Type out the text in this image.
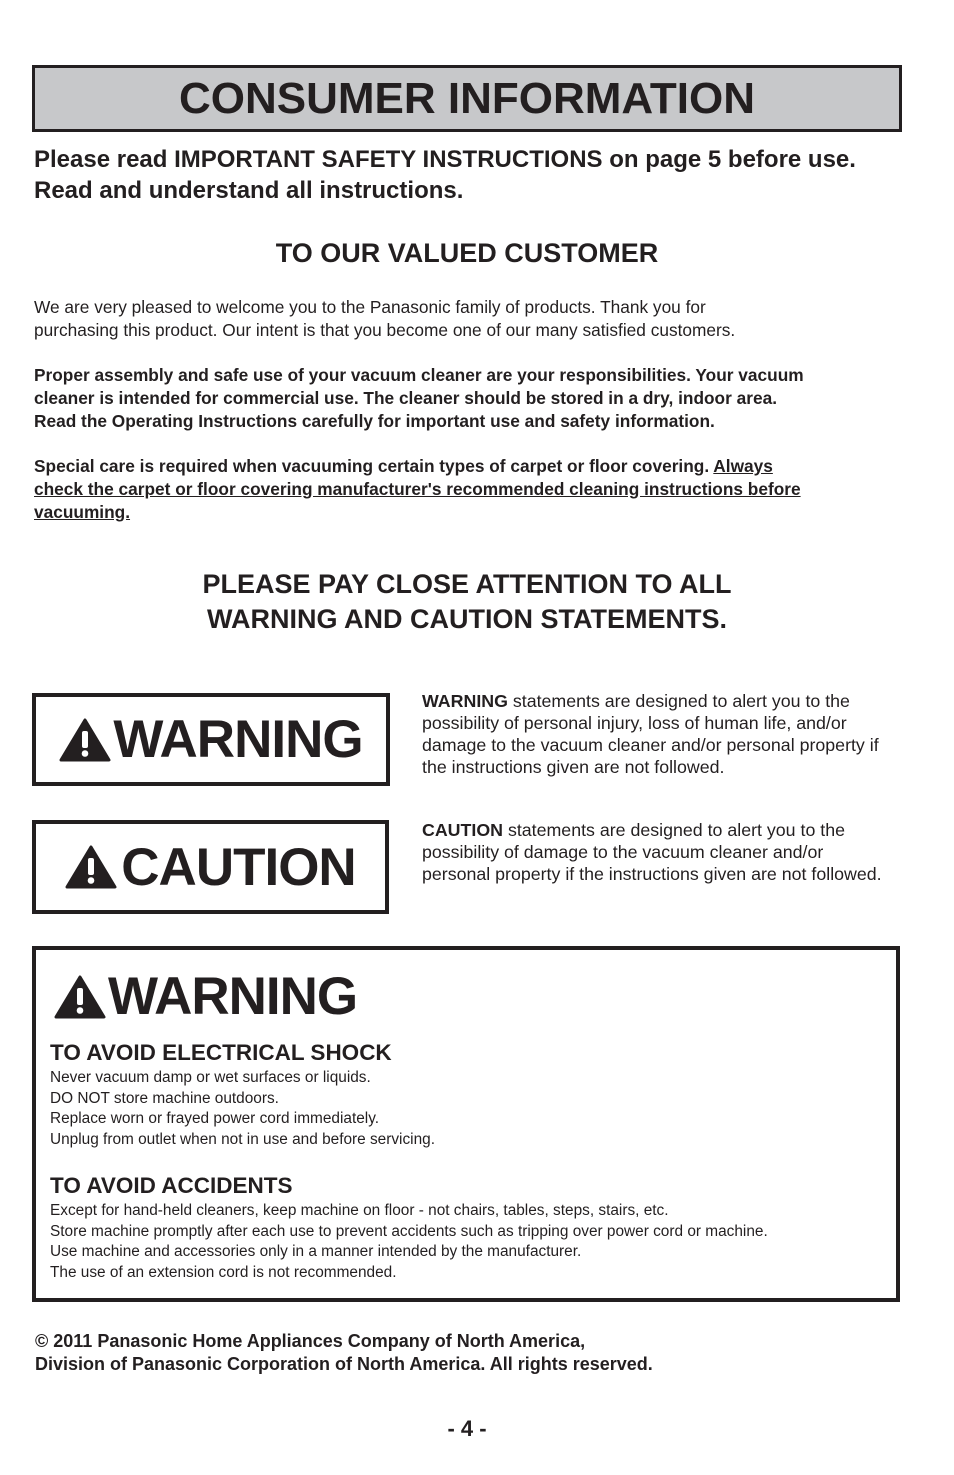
CONSUMER INFORMATION
Please read IMPORTANT SAFETY INSTRUCTIONS on page 5 before use. Read and understand all instructions.
TO OUR VALUED CUSTOMER
We are very pleased to welcome you to the Panasonic family of products. Thank you for
purchasing this product. Our intent is that you become one of our many satisfied customers.
Proper assembly and safe use of your vacuum cleaner are your responsibilities. Your vacuum
cleaner is intended for commercial use. The cleaner should be stored in a dry, indoor area.
Read the Operating Instructions carefully for important use and safety information.
Special care is required when vacuuming certain types of carpet or floor covering. Always
check the carpet or floor covering manufacturer's recommended cleaning instructions before
vacuuming.
PLEASE PAY CLOSE ATTENTION TO ALL
WARNING AND CAUTION STATEMENTS.
WARNING
WARNING statements are designed to alert you to the possibility of personal injury, loss of human life, and/or damage to the vacuum cleaner and/or personal property if the instructions given are not followed.
CAUTION
CAUTION statements are designed to alert you to the possibility of damage to the vacuum cleaner and/or personal property if the instructions given are not followed.
WARNING
TO AVOID ELECTRICAL SHOCK
Never vacuum damp or wet surfaces or liquids.
DO NOT store machine outdoors.
Replace worn or frayed power cord immediately.
Unplug from outlet when not in use and before servicing.
TO AVOID ACCIDENTS
Except for hand-held cleaners, keep machine on floor - not chairs, tables, steps, stairs, etc.
Store machine promptly after each use to prevent accidents such as tripping over power cord or machine.
Use machine and accessories only in a manner intended by the manufacturer.
The use of an extension cord is not recommended.
© 2011 Panasonic Home Appliances Company of North America,
Division of Panasonic Corporation of North America. All rights reserved.
- 4 -
